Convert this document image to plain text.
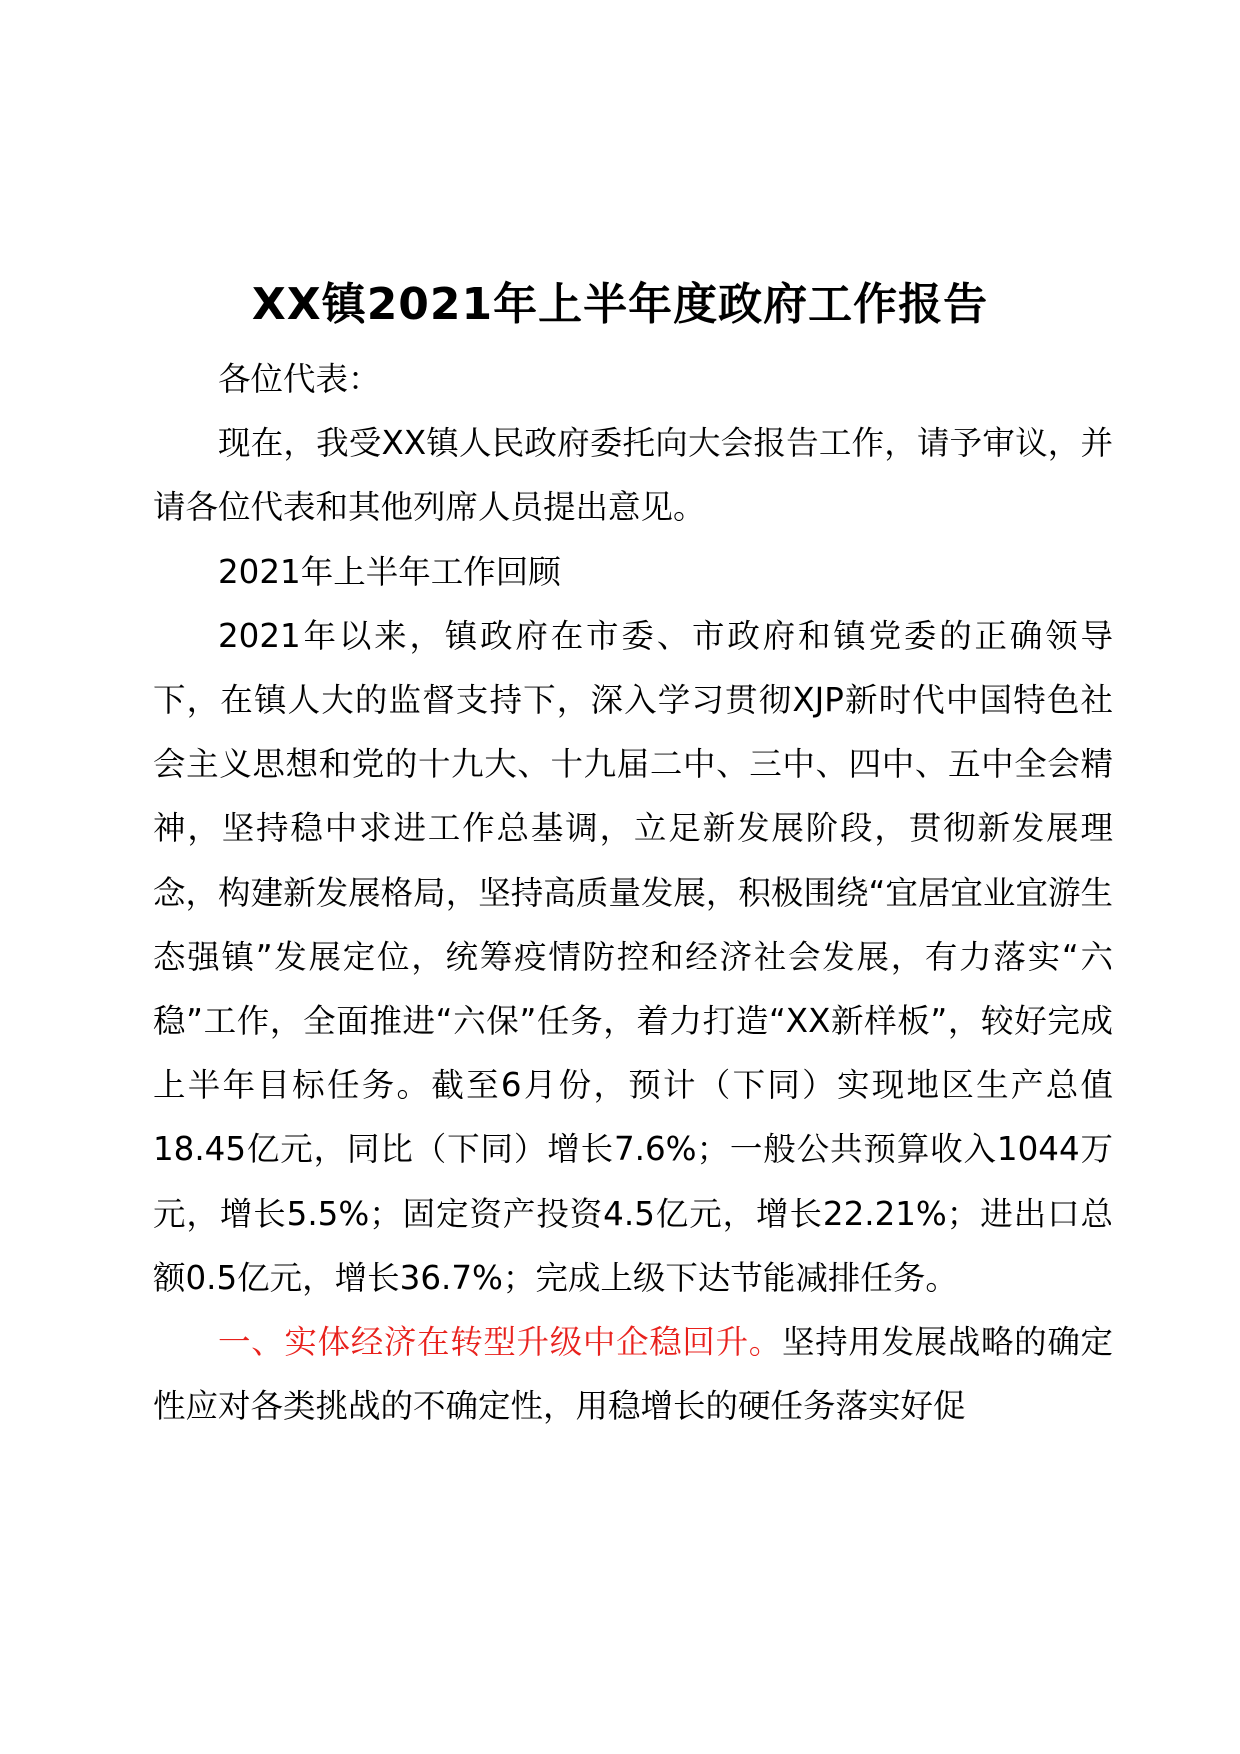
XX镇2021年上半年度政府工作报告

各位代表：

现在，我受XX镇人民政府委托向大会报告工作，请予审议，并请各位代表和其他列席人员提出意见。

2021年上半年工作回顾

2021年以来，镇政府在市委、市政府和镇党委的正确领导下，在镇人大的监督支持下，深入学习贯彻XJP新时代中国特色社会主义思想和党的十九大、十九届二中、三中、四中、五中全会精神，坚持稳中求进工作总基调，立足新发展阶段，贯彻新发展理念，构建新发展格局，坚持高质量发展，积极围绕“宜居宜业宜游生态强镇”发展定位，统筹疫情防控和经济社会发展，有力落实“六稳”工作，全面推进“六保”任务，着力打造“XX新样板”，较好完成上半年目标任务。截至6月份，预计（下同）实现地区生产总值18.45亿元，同比（下同）增长7.6%；一般公共预算收入1044万元，增长5.5%；固定资产投资4.5亿元，增长22.21%；进出口总额0.5亿元，增长36.7%；完成上级下达节能减排任务。

一、实体经济在转型升级中企稳回升。坚持用发展战略的确定性应对各类挑战的不确定性，用稳增长的硬任务落实好促
